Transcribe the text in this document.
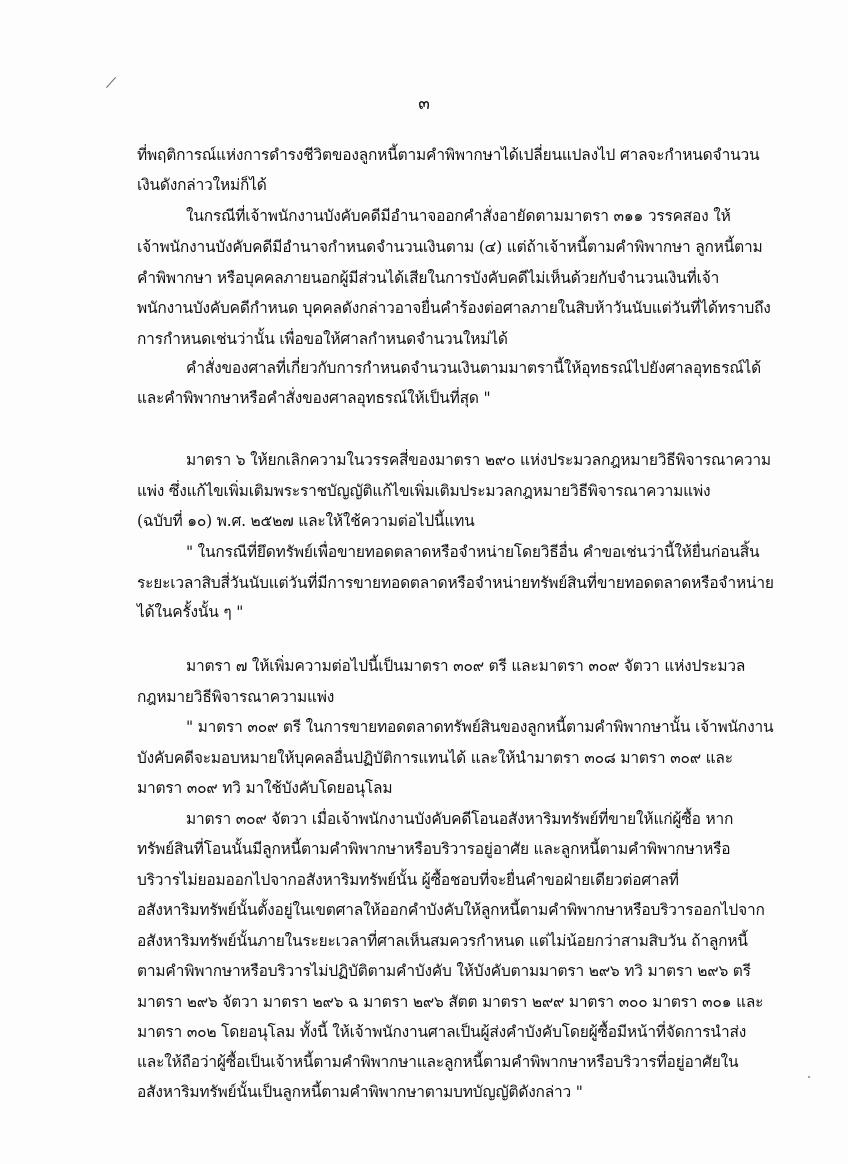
๓
ที่พฤติการณ์แห่งการดำรงชีวิตของลูกหนี้ตามคำพิพากษาได้เปลี่ยนแปลงไป ศาลจะกำหนดจำนวน
เงินดังกล่าวใหม่ก็ได้
ในกรณีที่เจ้าพนักงานบังคับคดีมีอำนาจออกคำสั่งอายัดตามมาตรา ๓๑๑ วรรคสอง ให้
เจ้าพนักงานบังคับคดีมีอำนาจกำหนดจำนวนเงินตาม (๔) แต่ถ้าเจ้าหนี้ตามคำพิพากษา ลูกหนี้ตาม
คำพิพากษา หรือบุคคลภายนอกผู้มีส่วนได้เสียในการบังคับคดีไม่เห็นด้วยกับจำนวนเงินที่เจ้า
พนักงานบังคับคดีกำหนด บุคคลดังกล่าวอาจยื่นคำร้องต่อศาลภายในสิบห้าวันนับแต่วันที่ได้ทราบถึง
การกำหนดเช่นว่านั้น เพื่อขอให้ศาลกำหนดจำนวนใหม่ได้
คำสั่งของศาลที่เกี่ยวกับการกำหนดจำนวนเงินตามมาตรานี้ให้อุทธรณ์ไปยังศาลอุทธรณ์ได้
และคำพิพากษาหรือคำสั่งของศาลอุทธรณ์ให้เป็นที่สุด "
มาตรา ๖ ให้ยกเลิกความในวรรคสี่ของมาตรา ๒๙๐ แห่งประมวลกฎหมายวิธีพิจารณาความ
แพ่ง ซึ่งแก้ไขเพิ่มเติมพระราชบัญญัติแก้ไขเพิ่มเติมประมวลกฎหมายวิธีพิจารณาความแพ่ง
(ฉบับที่ ๑๐) พ.ศ. ๒๕๒๗ และให้ใช้ความต่อไปนี้แทน
" ในกรณีที่ยึดทรัพย์เพื่อขายทอดตลาดหรือจำหน่ายโดยวิธีอื่น คำขอเช่นว่านี้ให้ยื่นก่อนสิ้น
ระยะเวลาสิบสี่วันนับแต่วันที่มีการขายทอดตลาดหรือจำหน่ายทรัพย์สินที่ขายทอดตลาดหรือจำหน่าย
ได้ในครั้งนั้น ๆ "
มาตรา ๗ ให้เพิ่มความต่อไปนี้เป็นมาตรา ๓๐๙ ตรี และมาตรา ๓๐๙ จัตวา แห่งประมวล
กฎหมายวิธีพิจารณาความแพ่ง
" มาตรา ๓๐๙ ตรี ในการขายทอดตลาดทรัพย์สินของลูกหนี้ตามคำพิพากษานั้น เจ้าพนักงาน
บังคับคดีจะมอบหมายให้บุคคลอื่นปฏิบัติการแทนได้ และให้นำมาตรา ๓๐๘ มาตรา ๓๐๙ และ
มาตรา ๓๐๙ ทวิ มาใช้บังคับโดยอนุโลม
มาตรา ๓๐๙ จัตวา เมื่อเจ้าพนักงานบังคับคดีโอนอสังหาริมทรัพย์ที่ขายให้แก่ผู้ซื้อ หาก
ทรัพย์สินที่โอนนั้นมีลูกหนี้ตามคำพิพากษาหรือบริวารอยู่อาศัย และลูกหนี้ตามคำพิพากษาหรือ
บริวารไม่ยอมออกไปจากอสังหาริมทรัพย์นั้น ผู้ซื้อชอบที่จะยื่นคำขอฝ่ายเดียวต่อศาลที่
อสังหาริมทรัพย์นั้นตั้งอยู่ในเขตศาลให้ออกคำบังคับให้ลูกหนี้ตามคำพิพากษาหรือบริวารออกไปจาก
อสังหาริมทรัพย์นั้นภายในระยะเวลาที่ศาลเห็นสมควรกำหนด แต่ไม่น้อยกว่าสามสิบวัน ถ้าลูกหนี้
ตามคำพิพากษาหรือบริวารไม่ปฏิบัติตามคำบังคับ ให้บังคับตามมาตรา ๒๙๖ ทวิ มาตรา ๒๙๖ ตรี
มาตรา ๒๙๖ จัตวา มาตรา ๒๙๖ ฉ มาตรา ๒๙๖ สัตต มาตรา ๒๙๙ มาตรา ๓๐๐ มาตรา ๓๐๑ และ
มาตรา ๓๐๒ โดยอนุโลม ทั้งนี้ ให้เจ้าพนักงานศาลเป็นผู้ส่งคำบังคับโดยผู้ซื้อมีหน้าที่จัดการนำส่ง
และให้ถือว่าผู้ซื้อเป็นเจ้าหนี้ตามคำพิพากษาและลูกหนี้ตามคำพิพากษาหรือบริวารที่อยู่อาศัยใน
อสังหาริมทรัพย์นั้นเป็นลูกหนี้ตามคำพิพากษาตามบทบัญญัติดังกล่าว "
